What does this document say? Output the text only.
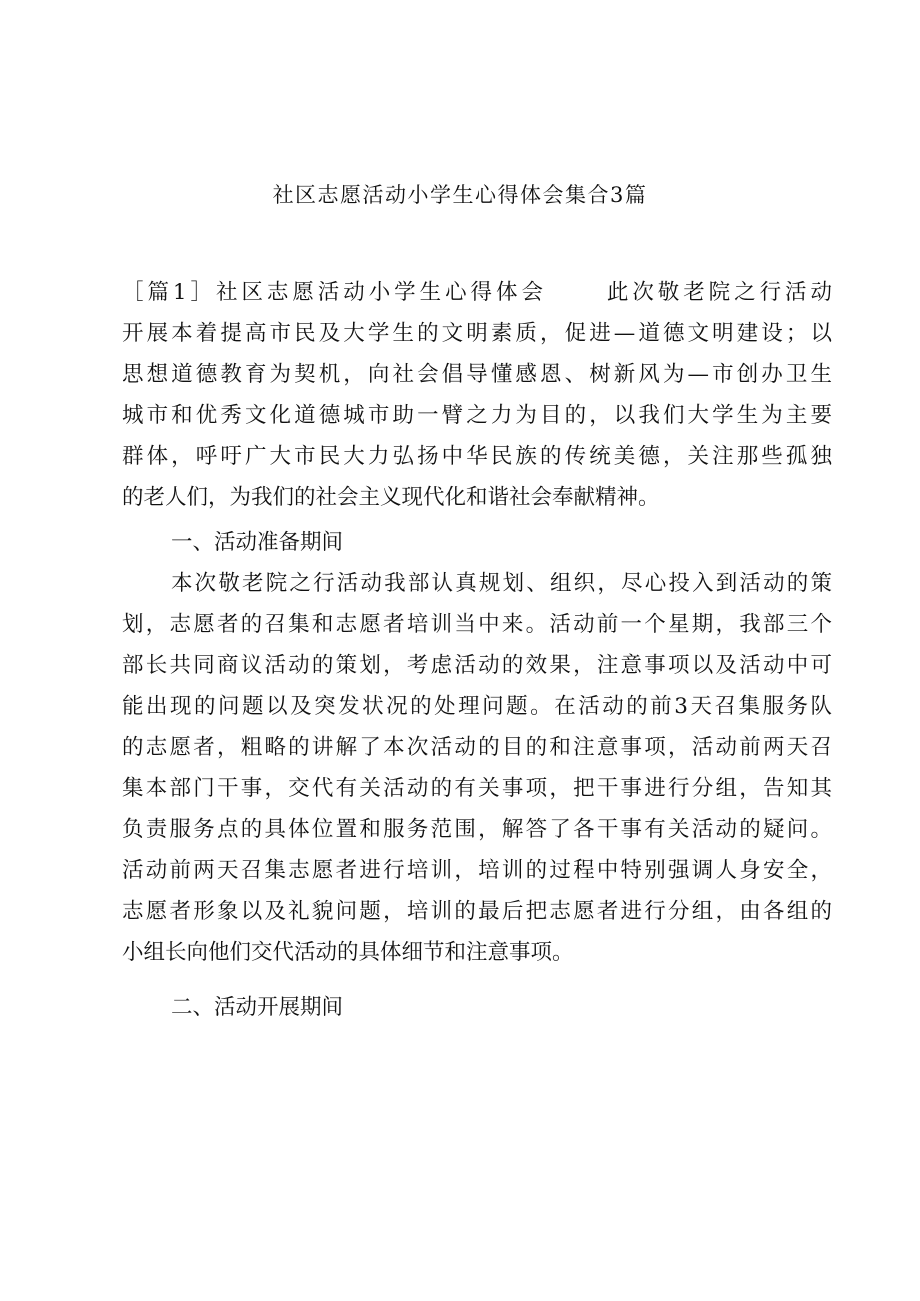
社区志愿活动小学生心得体会集合3篇
［篇1］社区志愿活动小学生心得体会	此次敬老院之行活动
开展本着提高市民及大学生的文明素质，促进—道德文明建设；以
思想道德教育为契机，向社会倡导懂感恩、树新风为—市创办卫生
城市和优秀文化道德城市助一臂之力为目的，以我们大学生为主要
群体，呼吁广大市民大力弘扬中华民族的传统美德，关注那些孤独
的老人们，为我们的社会主义现代化和谐社会奉献精神。
一、活动准备期间
本次敬老院之行活动我部认真规划、组织，尽心投入到活动的策
划，志愿者的召集和志愿者培训当中来。活动前一个星期，我部三个
部长共同商议活动的策划，考虑活动的效果，注意事项以及活动中可
能出现的问题以及突发状况的处理问题。在活动的前3天召集服务队
的志愿者，粗略的讲解了本次活动的目的和注意事项，活动前两天召
集本部门干事，交代有关活动的有关事项，把干事进行分组，告知其
负责服务点的具体位置和服务范围，解答了各干事有关活动的疑问。
活动前两天召集志愿者进行培训，培训的过程中特别强调人身安全，
志愿者形象以及礼貌问题，培训的最后把志愿者进行分组，由各组的
小组长向他们交代活动的具体细节和注意事项。
二、活动开展期间
